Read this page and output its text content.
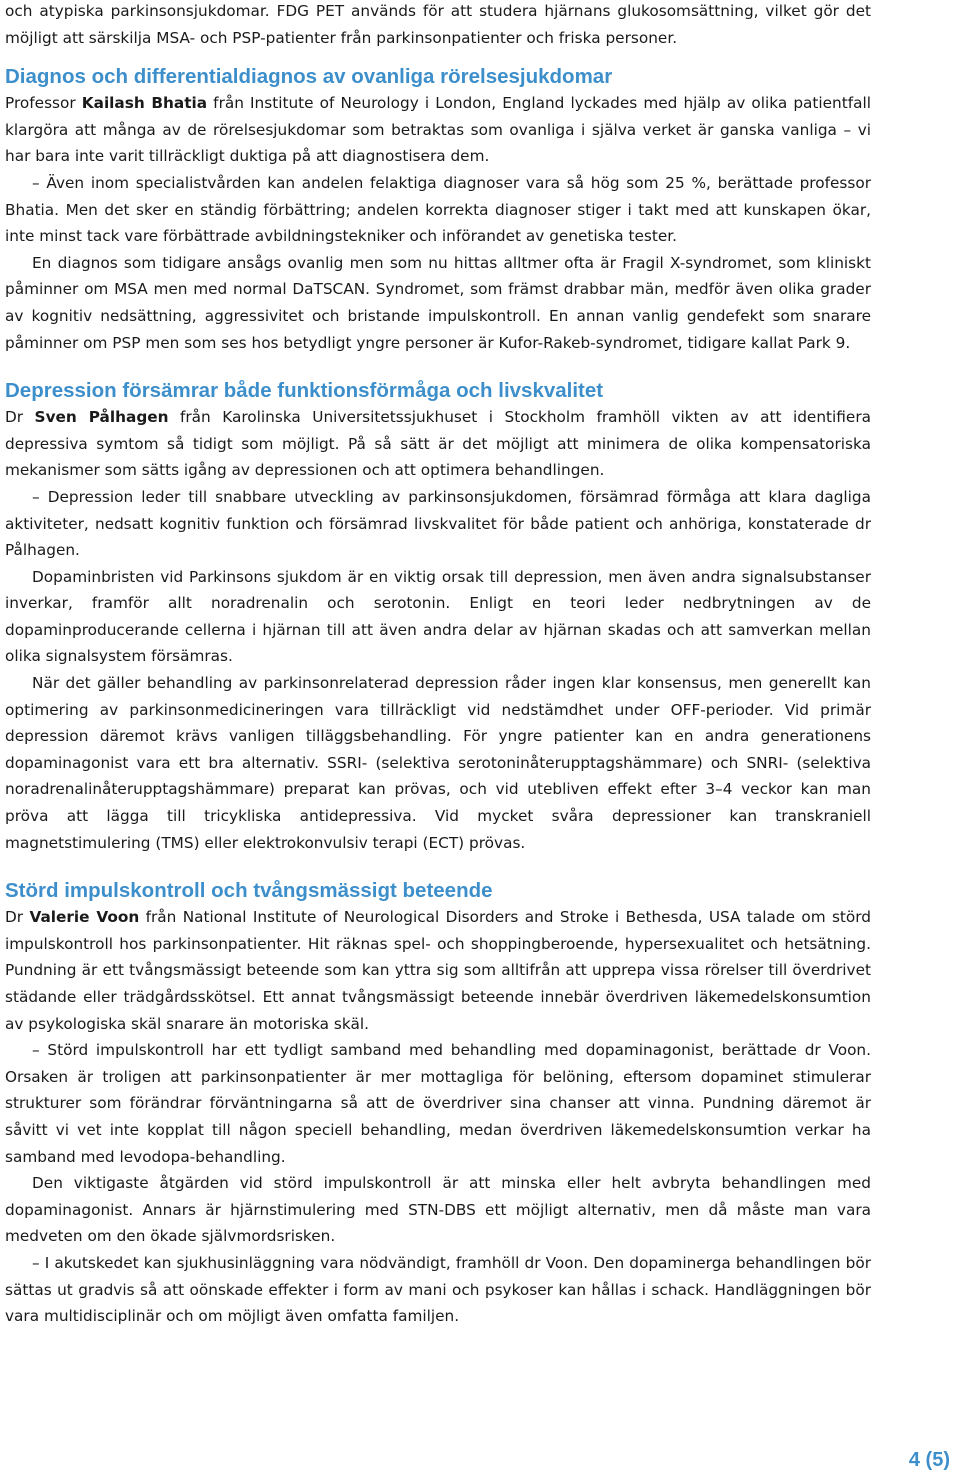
och atypiska parkinsonsjukdomar. FDG PET används för att studera hjärnans glukosomsättning, vilket gör det möjligt att särskilja MSA- och PSP-patienter från parkinsonpatienter och friska personer.

Diagnos och differentialdiagnos av ovanliga rörelsesjukdomar

Professor Kailash Bhatia från Institute of Neurology i London, England lyckades med hjälp av olika patientfall klargöra att många av de rörelsesjukdomar som betraktas som ovanliga i själva verket är ganska vanliga – vi har bara inte varit tillräckligt duktiga på att diagnostisera dem.

– Även inom specialistvården kan andelen felaktiga diagnoser vara så hög som 25 %, berättade professor Bhatia. Men det sker en ständig förbättring; andelen korrekta diagnoser stiger i takt med att kunskapen ökar, inte minst tack vare förbättrade avbildningstekniker och införandet av genetiska tester.

En diagnos som tidigare ansågs ovanlig men som nu hittas alltmer ofta är Fragil X-syndromet, som kliniskt påminner om MSA men med normal DaTSCAN. Syndromet, som främst drabbar män, medför även olika grader av kognitiv nedsättning, aggressivitet och bristande impulskontroll. En annan vanlig gendefekt som snarare påminner om PSP men som ses hos betydligt yngre personer är Kufor-Rakeb-syndromet, tidigare kallat Park 9.

Depression försämrar både funktionsförmåga och livskvalitet

Dr Sven Pålhagen från Karolinska Universitetssjukhuset i Stockholm framhöll vikten av att identifiera depressiva symtom så tidigt som möjligt. På så sätt är det möjligt att minimera de olika kompensatoriska mekanismer som sätts igång av depressionen och att optimera behandlingen.

– Depression leder till snabbare utveckling av parkinsonsjukdomen, försämrad förmåga att klara dagliga aktiviteter, nedsatt kognitiv funktion och försämrad livskvalitet för både patient och anhöriga, konstaterade dr Pålhagen.

Dopaminbristen vid Parkinsons sjukdom är en viktig orsak till depression, men även andra signalsubstanser inverkar, framför allt noradrenalin och serotonin. Enligt en teori leder nedbrytningen av de dopaminproducerande cellerna i hjärnan till att även andra delar av hjärnan skadas och att samverkan mellan olika signalsystem försämras.

När det gäller behandling av parkinsonrelaterad depression råder ingen klar konsensus, men generellt kan optimering av parkinsonmedicineringen vara tillräckligt vid nedstämdhet under OFF-perioder. Vid primär depression däremot krävs vanligen tilläggsbehandling. För yngre patienter kan en andra generationens dopaminagonist vara ett bra alternativ. SSRI- (selektiva serotoninåterupptagshämmare) och SNRI- (selektiva noradrenalinåterupptagshämmare) preparat kan prövas, och vid utebliven effekt efter 3–4 veckor kan man pröva att lägga till tricykliska antidepressiva. Vid mycket svåra depressioner kan transkraniell magnetstimulering (TMS) eller elektrokonvulsiv terapi (ECT) prövas.

Störd impulskontroll och tvångsmässigt beteende

Dr Valerie Voon från National Institute of Neurological Disorders and Stroke i Bethesda, USA talade om störd impulskontroll hos parkinsonpatienter. Hit räknas spel- och shoppingberoende, hypersexualitet och hetsätning. Pundning är ett tvångsmässigt beteende som kan yttra sig som alltifrån att upprepa vissa rörelser till överdrivet städande eller trädgårdsskötsel. Ett annat tvångsmässigt beteende innebär överdriven läkemedelskonsumtion av psykologiska skäl snarare än motoriska skäl.

– Störd impulskontroll har ett tydligt samband med behandling med dopaminagonist, berättade dr Voon. Orsaken är troligen att parkinsonpatienter är mer mottagliga för belöning, eftersom dopaminet stimulerar strukturer som förändrar förväntningarna så att de överdriver sina chanser att vinna. Pundning däremot är såvitt vi vet inte kopplat till någon speciell behandling, medan överdriven läkemedelskonsumtion verkar ha samband med levodopa-behandling.

Den viktigaste åtgärden vid störd impulskontroll är att minska eller helt avbryta behandlingen med dopaminagonist. Annars är hjärnstimulering med STN-DBS ett möjligt alternativ, men då måste man vara medveten om den ökade självmordsrisken.

– I akutskedet kan sjukhusinläggning vara nödvändigt, framhöll dr Voon. Den dopaminerga behandlingen bör sättas ut gradvis så att oönskade effekter i form av mani och psykoser kan hållas i schack. Handläggningen bör vara multidisciplinär och om möjligt även omfatta familjen.

4 (5)
